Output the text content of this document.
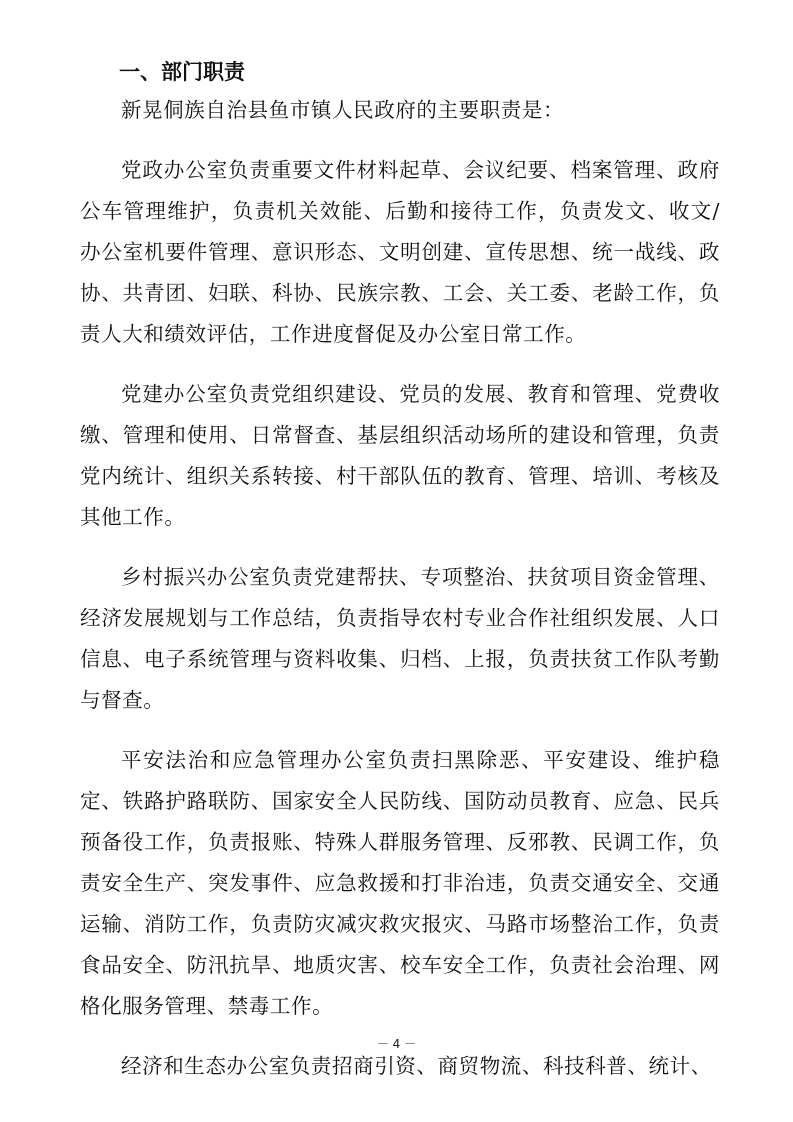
一、部门职责

新晃侗族自治县鱼市镇人民政府的主要职责是：

党政办公室负责重要文件材料起草、会议纪要、档案管理、政府公车管理维护，负责机关效能、后勤和接待工作，负责发文、收文/办公室机要件管理、意识形态、文明创建、宣传思想、统一战线、政协、共青团、妇联、科协、民族宗教、工会、关工委、老龄工作，负责人大和绩效评估，工作进度督促及办公室日常工作。

党建办公室负责党组织建设、党员的发展、教育和管理、党费收缴、管理和使用、日常督查、基层组织活动场所的建设和管理，负责党内统计、组织关系转接、村干部队伍的教育、管理、培训、考核及其他工作。

乡村振兴办公室负责党建帮扶、专项整治、扶贫项目资金管理、经济发展规划与工作总结，负责指导农村专业合作社组织发展、人口信息、电子系统管理与资料收集、归档、上报，负责扶贫工作队考勤与督查。

平安法治和应急管理办公室负责扫黑除恶、平安建设、维护稳定、铁路护路联防、国家安全人民防线、国防动员教育、应急、民兵预备役工作，负责报账、特殊人群服务管理、反邪教、民调工作，负责安全生产、突发事件、应急救援和打非治违，负责交通安全、交通运输、消防工作，负责防灾减灾救灾报灾、马路市场整治工作，负责食品安全、防汛抗旱、地质灾害、校车安全工作，负责社会治理、网格化服务管理、禁毒工作。

经济和生态办公室负责招商引资、商贸物流、科技科普、统计、

－ 4 －
